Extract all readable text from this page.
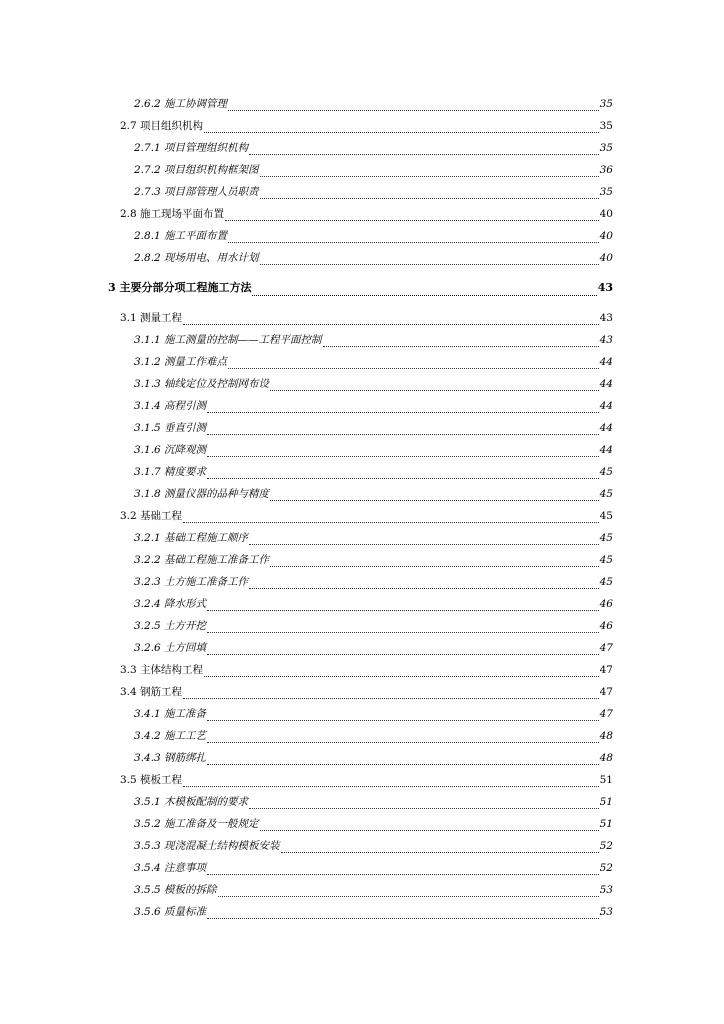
2.6.2 施工协调管理	35
2.7 项目组织机构	35
2.7.1 项目管理组织机构	35
2.7.2 项目组织机构框架图	36
2.7.3 项目部管理人员职责	35
2.8 施工现场平面布置	40
2.8.1 施工平面布置	40
2.8.2 现场用电、用水计划	40
3 主要分部分项工程施工方法	43
3.1 测量工程	43
3.1.1 施工测量的控制——工程平面控制	43
3.1.2 测量工作难点	44
3.1.3 轴线定位及控制网布设	44
3.1.4 高程引测	44
3.1.5 垂直引测	44
3.1.6 沉降观测	44
3.1.7 精度要求	45
3.1.8 测量仪器的品种与精度	45
3.2 基础工程	45
3.2.1 基础工程施工顺序	45
3.2.2 基础工程施工准备工作	45
3.2.3 土方施工准备工作	45
3.2.4 降水形式	46
3.2.5 土方开挖	46
3.2.6 土方回填	47
3.3 主体结构工程	47
3.4 钢筋工程	47
3.4.1 施工准备	47
3.4.2 施工工艺	48
3.4.3 钢筋绑扎	48
3.5 模板工程	51
3.5.1 木模板配制的要求	51
3.5.2 施工准备及一般规定	51
3.5.3 现浇混凝土结构模板安装	52
3.5.4 注意事项	52
3.5.5 模板的拆除	53
3.5.6 质量标准	53
